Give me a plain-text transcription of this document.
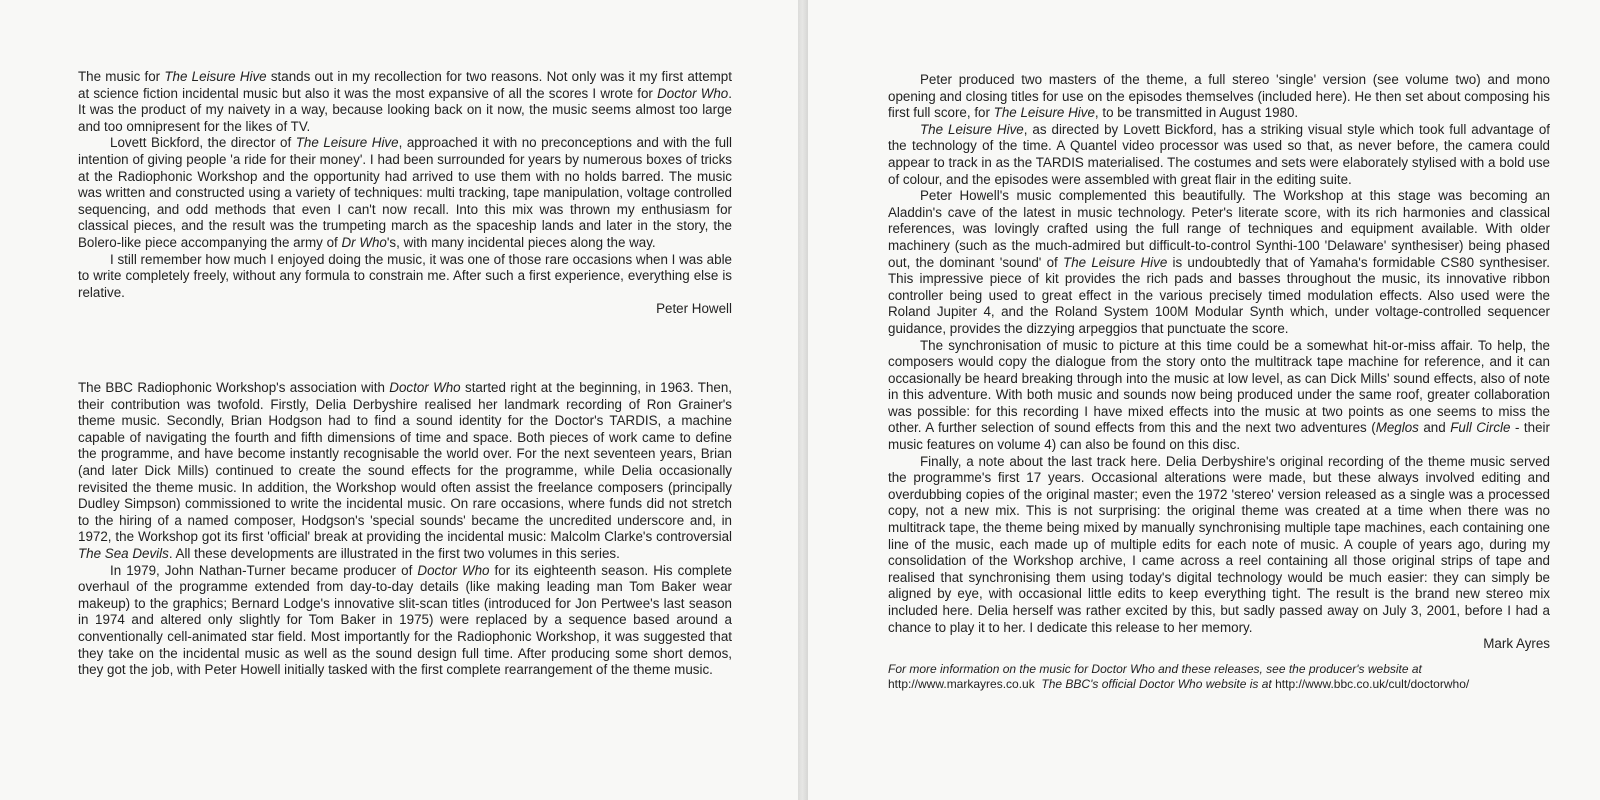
The music for The Leisure Hive stands out in my recollection for two reasons. Not only was it my first attempt at science fiction incidental music but also it was the most expansive of all the scores I wrote for Doctor Who. It was the product of my naivety in a way, because looking back on it now, the music seems almost too large and too omnipresent for the likes of TV.

Lovett Bickford, the director of The Leisure Hive, approached it with no preconceptions and with the full intention of giving people 'a ride for their money'. I had been surrounded for years by numerous boxes of tricks at the Radiophonic Workshop and the opportunity had arrived to use them with no holds barred. The music was written and constructed using a variety of techniques: multi tracking, tape manipulation, voltage controlled sequencing, and odd methods that even I can't now recall. Into this mix was thrown my enthusiasm for classical pieces, and the result was the trumpeting march as the spaceship lands and later in the story, the Bolero-like piece accompanying the army of Dr Who's, with many incidental pieces along the way.

I still remember how much I enjoyed doing the music, it was one of those rare occasions when I was able to write completely freely, without any formula to constrain me. After such a first experience, everything else is relative.

Peter Howell

The BBC Radiophonic Workshop's association with Doctor Who started right at the beginning, in 1963. Then, their contribution was twofold. Firstly, Delia Derbyshire realised her landmark recording of Ron Grainer's theme music. Secondly, Brian Hodgson had to find a sound identity for the Doctor's TARDIS, a machine capable of navigating the fourth and fifth dimensions of time and space. Both pieces of work came to define the programme, and have become instantly recognisable the world over. For the next seventeen years, Brian (and later Dick Mills) continued to create the sound effects for the programme, while Delia occasionally revisited the theme music. In addition, the Workshop would often assist the freelance composers (principally Dudley Simpson) commissioned to write the incidental music. On rare occasions, where funds did not stretch to the hiring of a named composer, Hodgson's 'special sounds' became the uncredited underscore and, in 1972, the Workshop got its first 'official' break at providing the incidental music: Malcolm Clarke's controversial The Sea Devils. All these developments are illustrated in the first two volumes in this series.

In 1979, John Nathan-Turner became producer of Doctor Who for its eighteenth season. His complete overhaul of the programme extended from day-to-day details (like making leading man Tom Baker wear makeup) to the graphics; Bernard Lodge's innovative slit-scan titles (introduced for Jon Pertwee's last season in 1974 and altered only slightly for Tom Baker in 1975) were replaced by a sequence based around a conventionally cell-animated star field. Most importantly for the Radiophonic Workshop, it was suggested that they take on the incidental music as well as the sound design full time. After producing some short demos, they got the job, with Peter Howell initially tasked with the first complete rearrangement of the theme music.

Peter produced two masters of the theme, a full stereo 'single' version (see volume two) and mono opening and closing titles for use on the episodes themselves (included here). He then set about composing his first full score, for The Leisure Hive, to be transmitted in August 1980.

The Leisure Hive, as directed by Lovett Bickford, has a striking visual style which took full advantage of the technology of the time. A Quantel video processor was used so that, as never before, the camera could appear to track in as the TARDIS materialised. The costumes and sets were elaborately stylised with a bold use of colour, and the episodes were assembled with great flair in the editing suite.

Peter Howell's music complemented this beautifully. The Workshop at this stage was becoming an Aladdin's cave of the latest in music technology. Peter's literate score, with its rich harmonies and classical references, was lovingly crafted using the full range of techniques and equipment available. With older machinery (such as the much-admired but difficult-to-control Synthi-100 'Delaware' synthesiser) being phased out, the dominant 'sound' of The Leisure Hive is undoubtedly that of Yamaha's formidable CS80 synthesiser. This impressive piece of kit provides the rich pads and basses throughout the music, its innovative ribbon controller being used to great effect in the various precisely timed modulation effects. Also used were the Roland Jupiter 4, and the Roland System 100M Modular Synth which, under voltage-controlled sequencer guidance, provides the dizzying arpeggios that punctuate the score.

The synchronisation of music to picture at this time could be a somewhat hit-or-miss affair. To help, the composers would copy the dialogue from the story onto the multitrack tape machine for reference, and it can occasionally be heard breaking through into the music at low level, as can Dick Mills' sound effects, also of note in this adventure. With both music and sounds now being produced under the same roof, greater collaboration was possible: for this recording I have mixed effects into the music at two points as one seems to miss the other. A further selection of sound effects from this and the next two adventures (Meglos and Full Circle - their music features on volume 4) can also be found on this disc.

Finally, a note about the last track here. Delia Derbyshire's original recording of the theme music served the programme's first 17 years. Occasional alterations were made, but these always involved editing and overdubbing copies of the original master; even the 1972 'stereo' version released as a single was a processed copy, not a new mix. This is not surprising: the original theme was created at a time when there was no multitrack tape, the theme being mixed by manually synchronising multiple tape machines, each containing one line of the music, each made up of multiple edits for each note of music. A couple of years ago, during my consolidation of the Workshop archive, I came across a reel containing all those original strips of tape and realised that synchronising them using today's digital technology would be much easier: they can simply be aligned by eye, with occasional little edits to keep everything tight. The result is the brand new stereo mix included here. Delia herself was rather excited by this, but sadly passed away on July 3, 2001, before I had a chance to play it to her. I dedicate this release to her memory.

Mark Ayres

For more information on the music for Doctor Who and these releases, see the producer's website at
http://www.markayres.co.uk The BBC's official Doctor Who website is at http://www.bbc.co.uk/cult/doctorwho/
